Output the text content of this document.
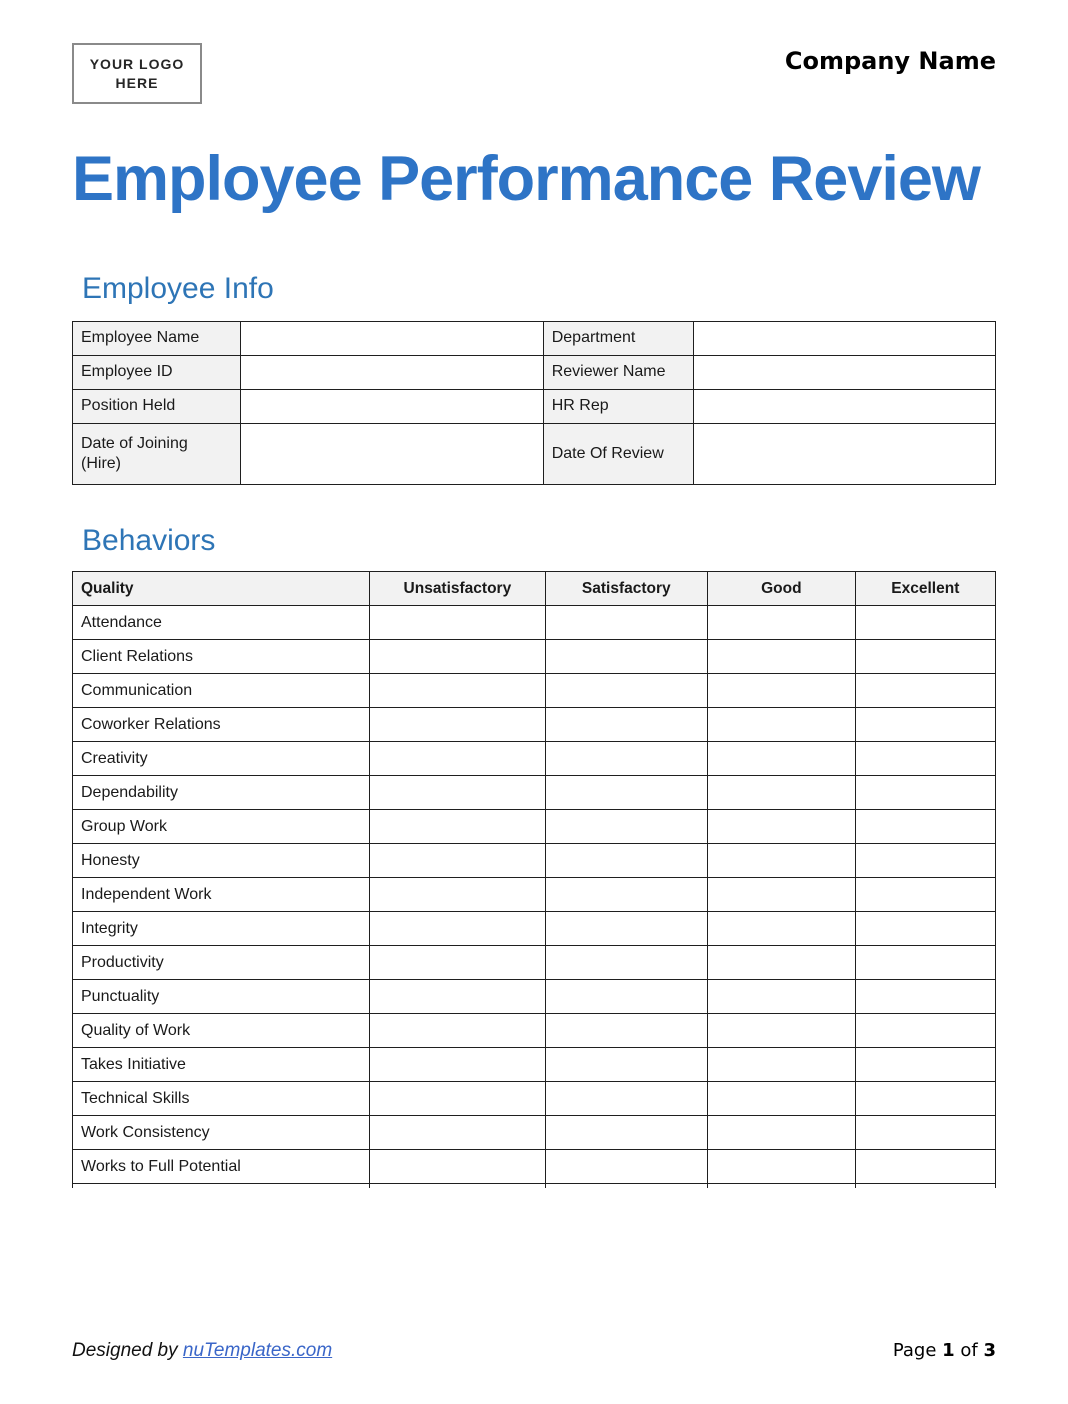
YOUR LOGO
HERE
Company Name
Employee Performance Review
Employee Info
Employee Name		Department	
Employee ID		Reviewer Name	
Position Held		HR Rep	
Date of Joining (Hire)		Date Of Review	
Behaviors
Quality	Unsatisfactory	Satisfactory	Good	Excellent
Attendance				
Client Relations				
Communication				
Coworker Relations				
Creativity				
Dependability				
Group Work				
Honesty				
Independent Work				
Integrity				
Productivity				
Punctuality				
Quality of Work				
Takes Initiative				
Technical Skills				
Work Consistency				
Works to Full Potential				

Designed by nuTemplates.com	Page 1 of 3
